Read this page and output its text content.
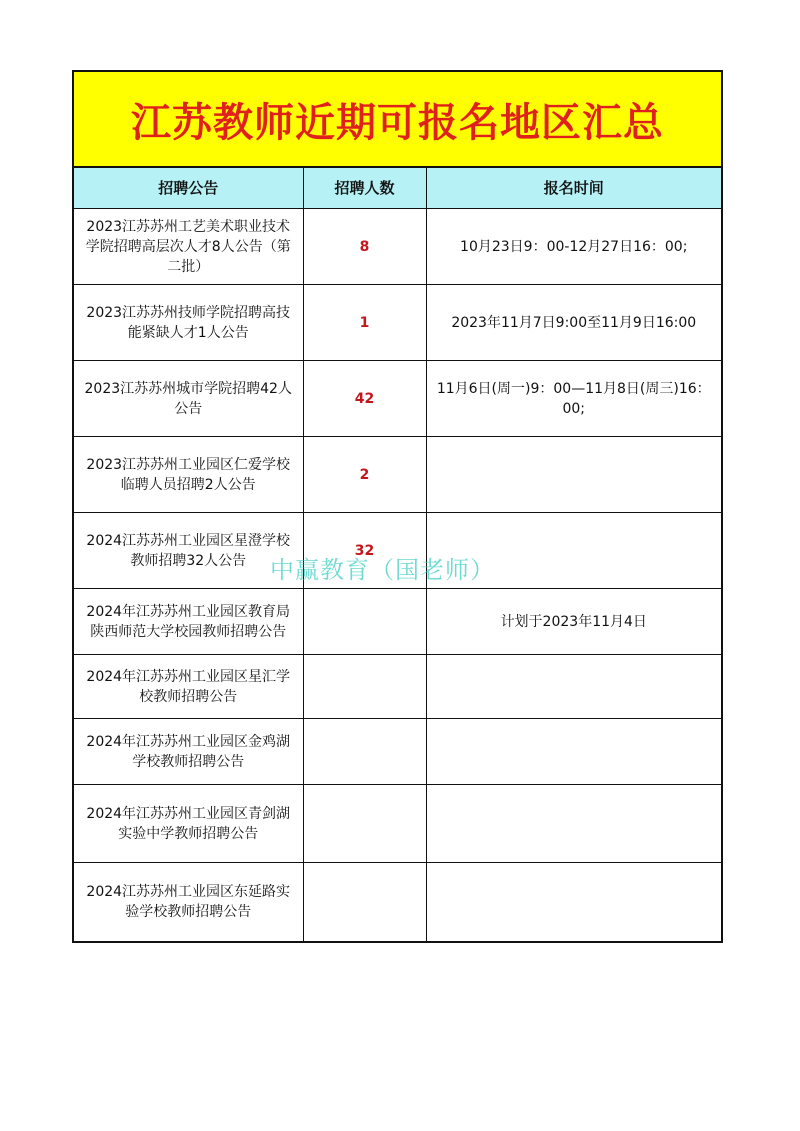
江苏教师近期可报名地区汇总
招聘公告	招聘人数	报名时间
2023江苏苏州工艺美术职业技术学院招聘高层次人才8人公告（第二批）	8	10月23日9：00-12月27日16：00;
2023江苏苏州技师学院招聘高技能紧缺人才1人公告	1	2023年11月7日9:00至11月9日16:00
2023江苏苏州城市学院招聘42人公告	42	11月6日(周一)9：00—11月8日(周三)16：00;
2023江苏苏州工业园区仁爱学校临聘人员招聘2人公告	2	
2024江苏苏州工业园区星澄学校教师招聘32人公告	32	
2024年江苏苏州工业园区教育局陕西师范大学校园教师招聘公告		计划于2023年11月4日
2024年江苏苏州工业园区星汇学校教师招聘公告		
2024年江苏苏州工业园区金鸡湖学校教师招聘公告		
2024年江苏苏州工业园区青剑湖实验中学教师招聘公告		
2024江苏苏州工业园区东延路实验学校教师招聘公告		
中赢教育（国老师）
